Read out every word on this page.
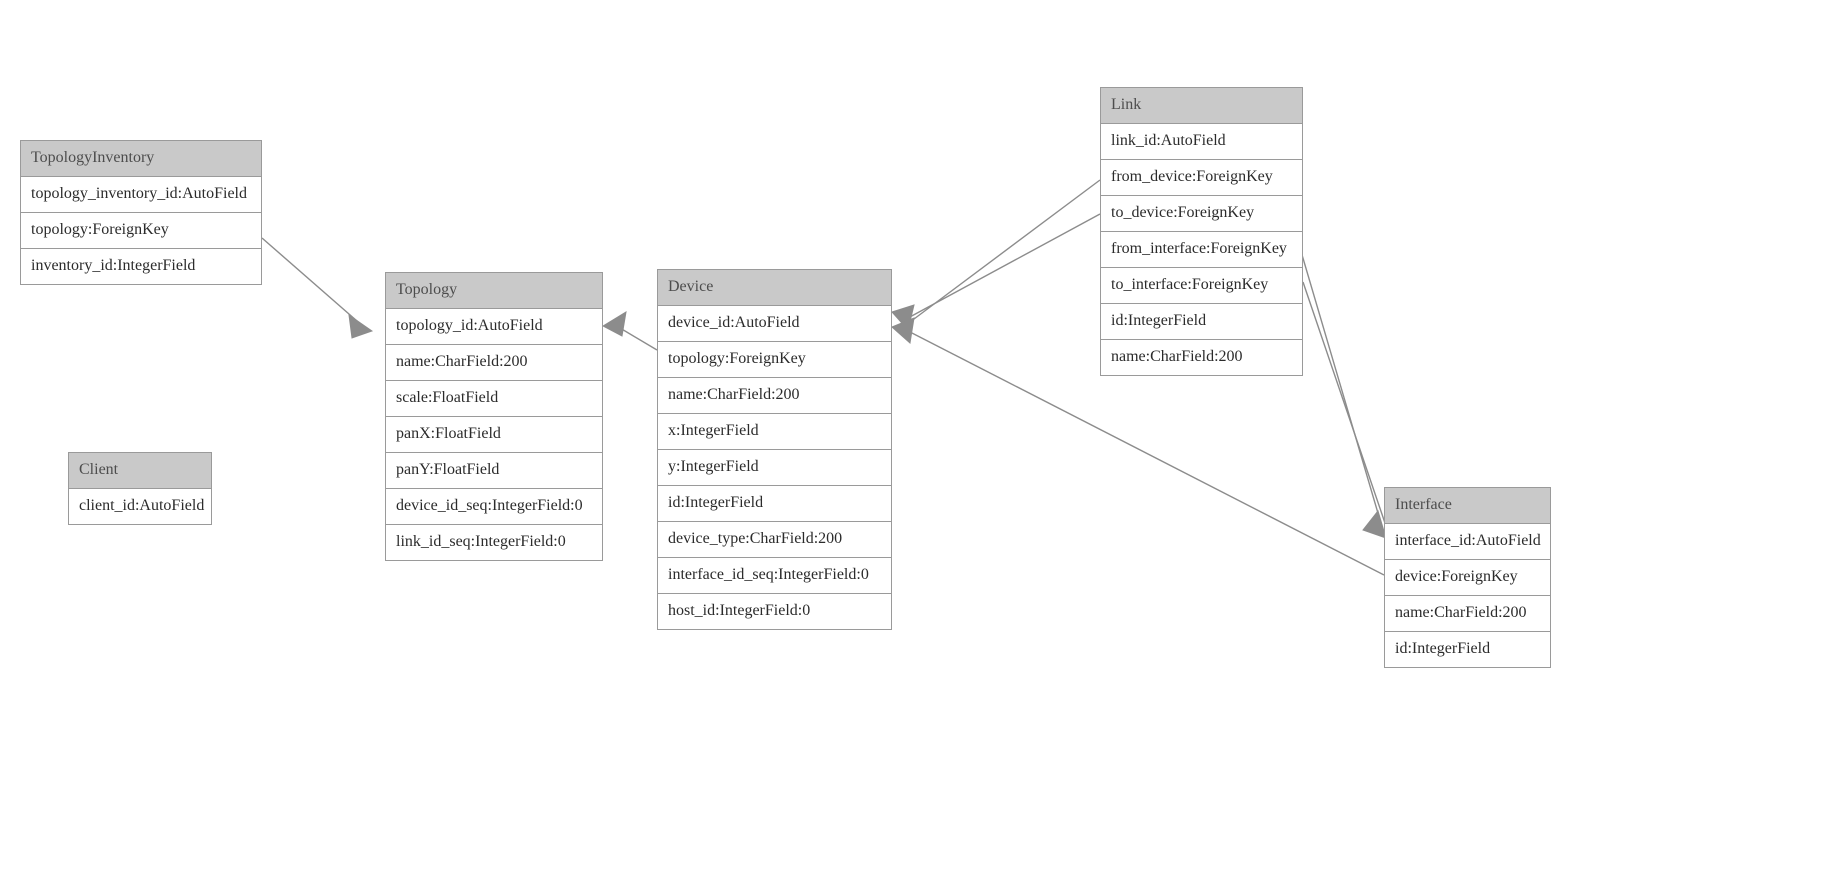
TopologyInventory
topology_inventory_id:AutoField
topology:ForeignKey
inventory_id:IntegerField
Client
client_id:AutoField
Topology
topology_id:AutoField
name:CharField:200
scale:FloatField
panX:FloatField
panY:FloatField
device_id_seq:IntegerField:0
link_id_seq:IntegerField:0
Device
device_id:AutoField
topology:ForeignKey
name:CharField:200
x:IntegerField
y:IntegerField
id:IntegerField
device_type:CharField:200
interface_id_seq:IntegerField:0
host_id:IntegerField:0
Link
link_id:AutoField
from_device:ForeignKey
to_device:ForeignKey
from_interface:ForeignKey
to_interface:ForeignKey
id:IntegerField
name:CharField:200
Interface
interface_id:AutoField
device:ForeignKey
name:CharField:200
id:IntegerField
